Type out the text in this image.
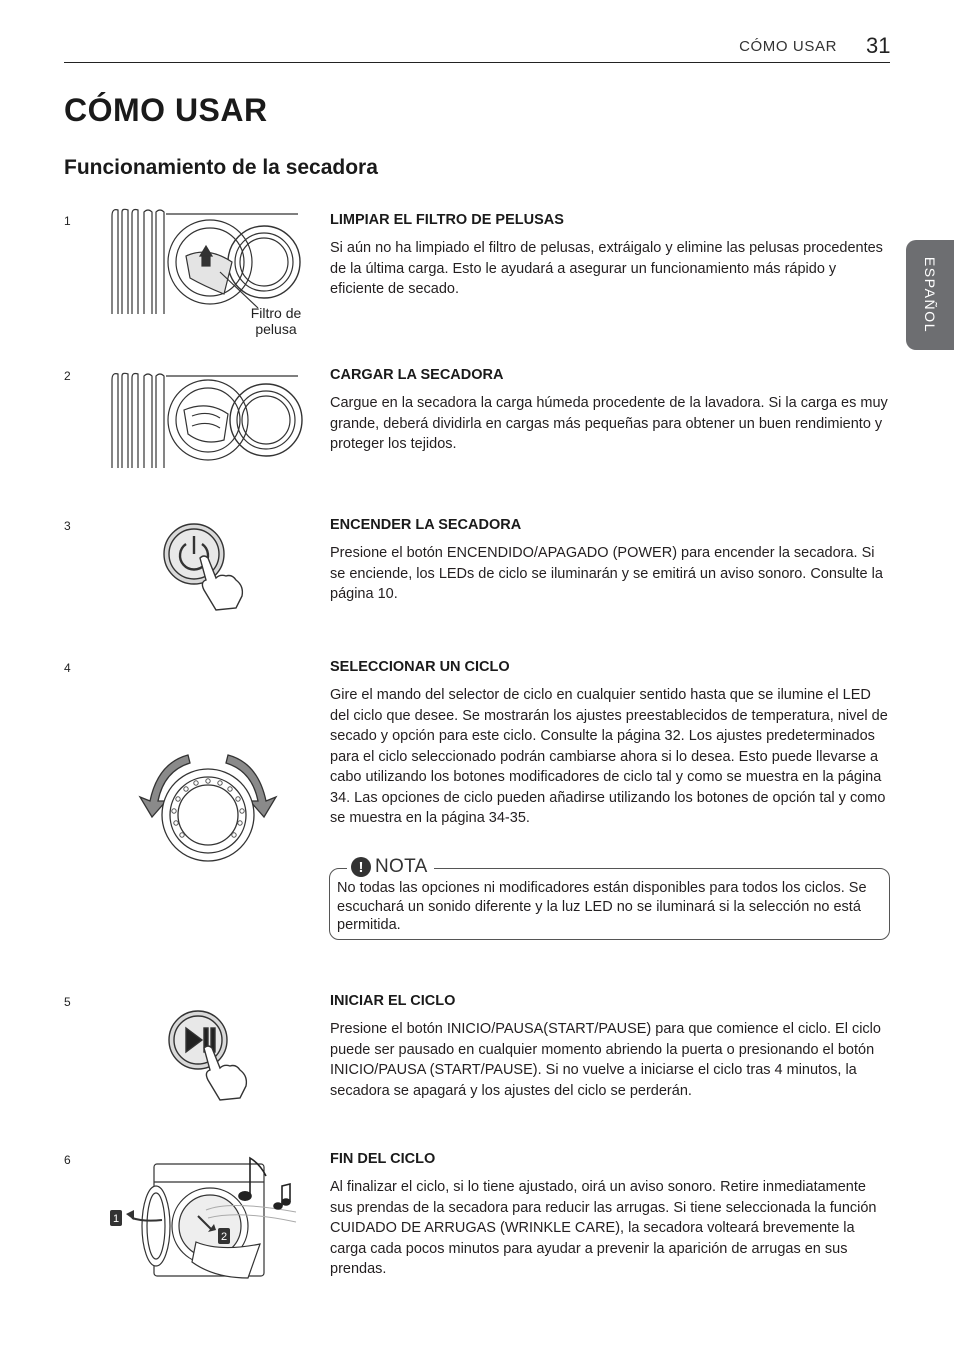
CÓMO USAR 31
CÓMO USAR
Funcionamiento de la secadora
ESPAÑOL
1
Filtro de pelusa
LIMPIAR EL FILTRO DE PELUSAS
Si aún no ha limpiado el filtro de pelusas, extráigalo y elimine las pelusas procedentes de la última carga. Esto le ayudará a asegurar un funcionamiento más rápido y eficiente de secado.
2	CARGAR LA SECADORA
Cargue en la secadora la carga húmeda procedente de la lavadora. Si la carga es muy grande, deberá dividirla en cargas más pequeñas para obtener un buen rendimiento y proteger los tejidos.
3	ENCENDER LA SECADORA
Presione el botón ENCENDIDO/APAGADO (POWER) para encender la secadora. Si se enciende, los LEDs de ciclo se iluminarán y se emitirá un aviso sonoro. Consulte la página 10.
4	SELECCIONAR UN CICLO
Gire el mando del selector de ciclo en cualquier sentido hasta que se ilumine el LED del ciclo que desee. Se mostrarán los ajustes preestablecidos de temperatura, nivel de secado y opción para este ciclo. Consulte la página 32. Los ajustes predeterminados para el ciclo seleccionado podrán cambiarse ahora si lo desea. Esto puede llevarse a cabo utilizando los botones modificadores de ciclo tal y como se muestra en la página 34. Las opciones de ciclo pueden añadirse utilizando los botones de opción tal y como se muestra en la página 34-35.
! NOTA
No todas las opciones ni modificadores están disponibles para todos los ciclos. Se escuchará un sonido diferente y la luz LED no se iluminará si la selección no está permitida.
5	INICIAR EL CICLO
Presione el botón INICIO/PAUSA(START/PAUSE) para que comience el ciclo. El ciclo puede ser pausado en cualquier momento abriendo la puerta o presionando el botón INICIO/PAUSA (START/PAUSE). Si no vuelve a iniciarse el ciclo tras 4 minutos, la secadora se apagará y los ajustes del ciclo se perderán.
6
1
2
FIN DEL CICLO
Al finalizar el ciclo, si lo tiene ajustado, oirá un aviso sonoro. Retire inmediatamente sus prendas de la secadora para reducir las arrugas. Si tiene seleccionada la función CUIDADO DE ARRUGAS (WRINKLE CARE), la secadora volteará brevemente la carga cada pocos minutos para ayudar a prevenir la aparición de arrugas en sus prendas.
